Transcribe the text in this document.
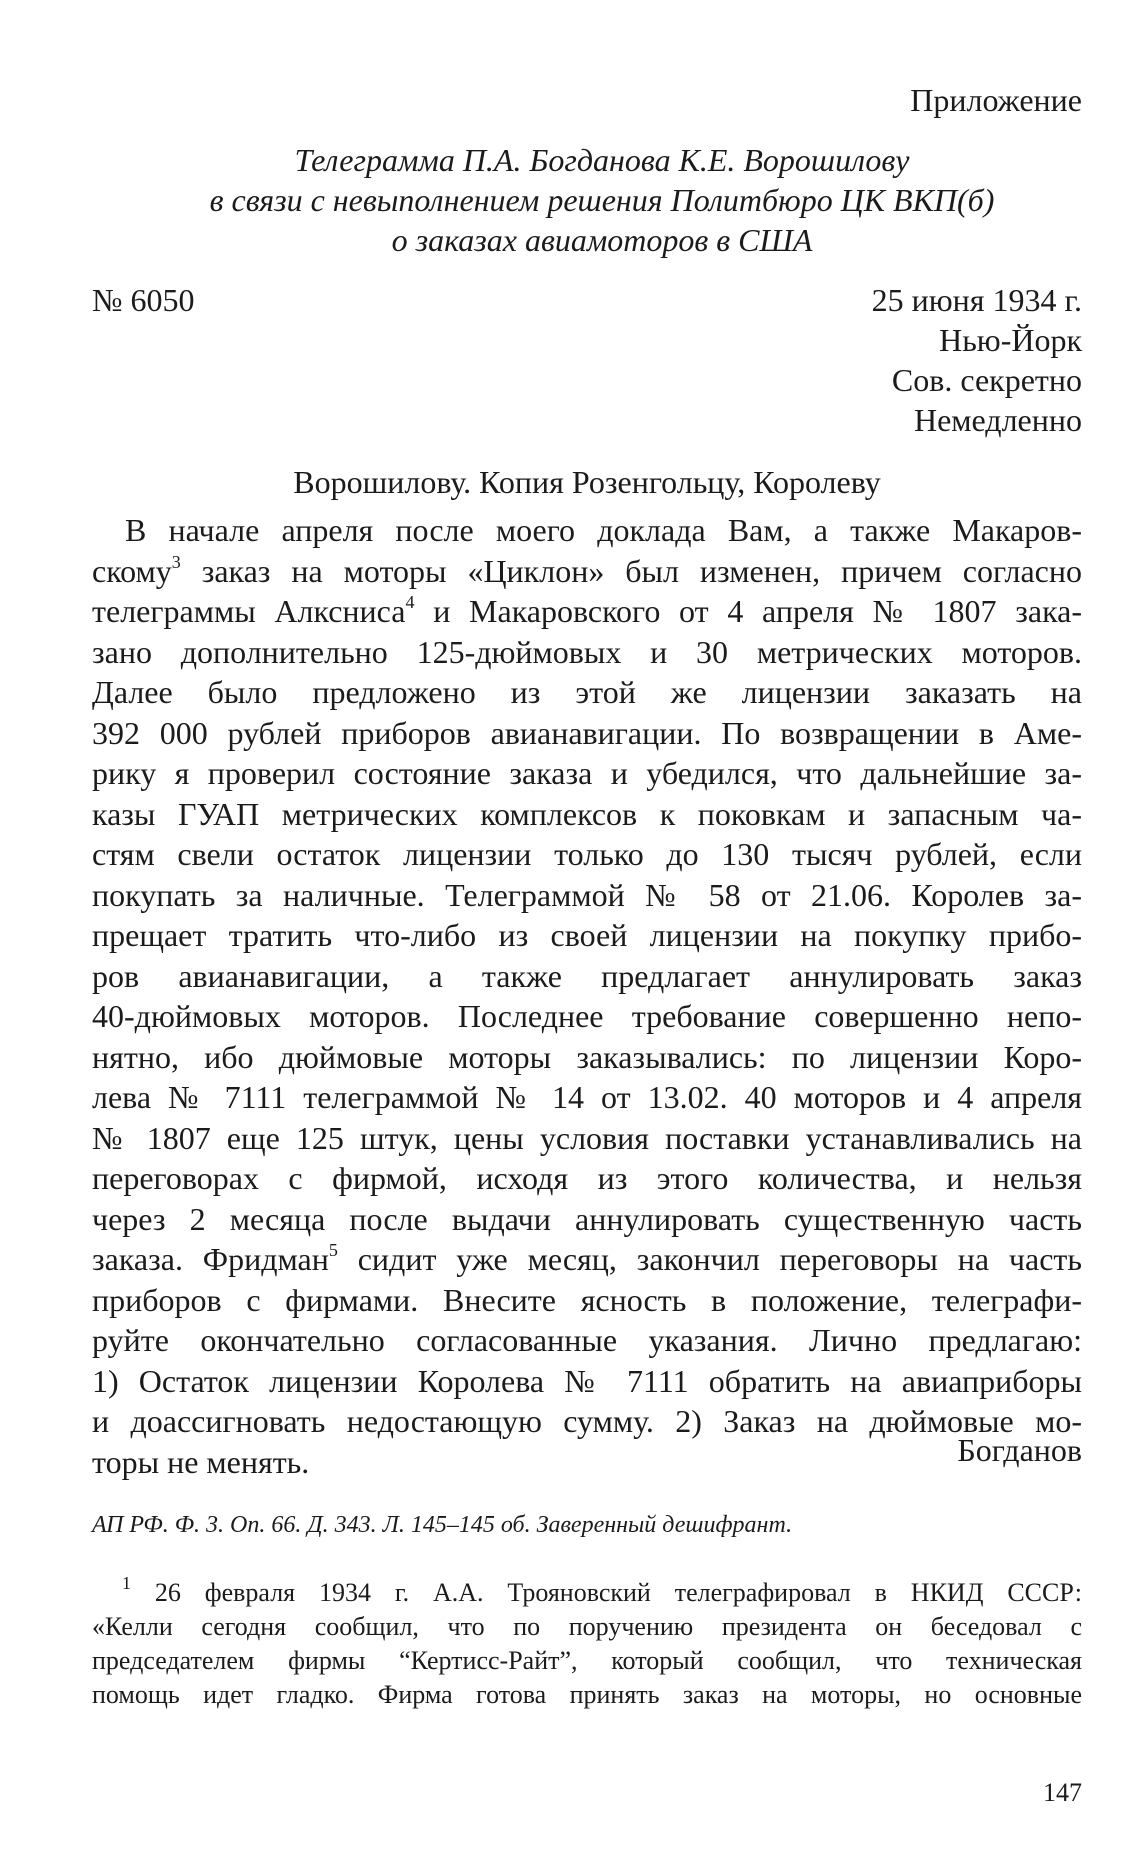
Приложение
Телеграмма П.А. Богданова К.Е. Ворошилову
в связи с невыполнением решения Политбюро ЦК ВКП(б)
о заказах авиамоторов в США
№ 6050	25 июня 1934 г.
Нью-Йорк
Сов. секретно
Немедленно
Ворошилову. Копия Розенгольцу, Королеву
В начале апреля после моего доклада Вам, а также Макаров-
скому$^3$ заказ на моторы «Циклон» был изменен, причем согласно
телеграммы Алксниса$^4$ и Макаровского от 4 апреля № 1807 зака-
зано дополнительно 125-дюймовых и 30 метрических моторов.
Далее было предложено из этой же лицензии заказать на
392 000 рублей приборов авианавигации. По возвращении в Аме-
рику я проверил состояние заказа и убедился, что дальнейшие за-
казы ГУАП метрических комплексов к поковкам и запасным ча-
стям свели остаток лицензии только до 130 тысяч рублей, если
покупать за наличные. Телеграммой № 58 от 21.06. Королев за-
прещает тратить что-либо из своей лицензии на покупку прибо-
ров авианавигации, а также предлагает аннулировать заказ
40-дюймовых моторов. Последнее требование совершенно непо-
нятно, ибо дюймовые моторы заказывались: по лицензии Коро-
лева № 7111 телеграммой № 14 от 13.02. 40 моторов и 4 апреля
№ 1807 еще 125 штук, цены условия поставки устанавливались на
переговорах с фирмой, исходя из этого количества, и нельзя
через 2 месяца после выдачи аннулировать существенную часть
заказа. Фридман$^5$ сидит уже месяц, закончил переговоры на часть
приборов с фирмами. Внесите ясность в положение, телеграфи-
руйте окончательно согласованные указания. Лично предлагаю:
1) Остаток лицензии Королева № 7111 обратить на авиаприборы
и доассигновать недостающую сумму. 2) Заказ на дюймовые мо-
торы не менять.	Богданов
АП РФ. Ф. 3. Оп. 66. Д. 343. Л. 145–145 об. Заверенный дешифрант.
$^1$ 26 февраля 1934 г. А.А. Трояновский телеграфировал в НКИД СССР:
«Келли сегодня сообщил, что по поручению президента он беседовал с
председателем фирмы “Кертисс-Райт”, который сообщил, что техническая
помощь идет гладко. Фирма готова принять заказ на моторы, но основные
147
